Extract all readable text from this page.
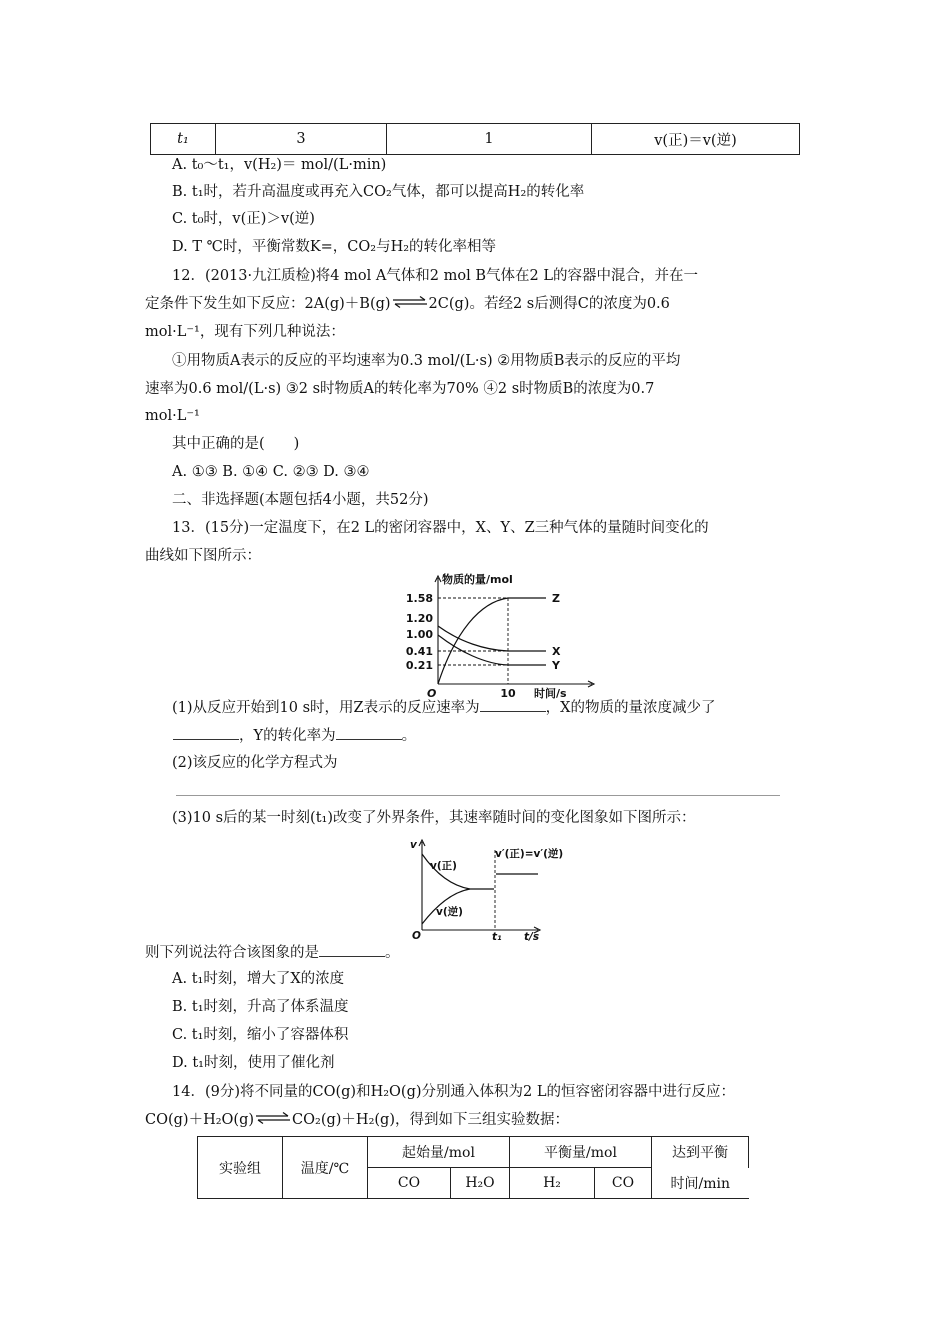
t₁	3	1	v(正)＝v(逆)
A. t₀～t₁，v(H₂)＝ mol/(L·min)
B. t₁时，若升高温度或再充入CO₂气体，都可以提高H₂的转化率
C. t₀时，v(正)＞v(逆)
D. T ℃时，平衡常数K=，CO₂与H₂的转化率相等
12．(2013·九江质检)将4 mol A气体和2 mol B气体在2 L的容器中混合，并在一
定条件下发生如下反应：2A(g)＋B(g)⇌2C(g)。若经2 s后测得C的浓度为0.6
mol·L⁻¹，现有下列几种说法：
①用物质A表示的反应的平均速率为0.3 mol/(L·s) ②用物质B表示的反应的平均
速率为0.6 mol/(L·s) ③2 s时物质A的转化率为70% ④2 s时物质B的浓度为0.7
mol·L⁻¹
其中正确的是(　　)
A. ①③ B. ①④ C. ②③ D. ③④
二、非选择题(本题包括4小题，共52分)
13．(15分)一定温度下，在2 L的密闭容器中，X、Y、Z三种气体的量随时间变化的
曲线如下图所示：
物质的量/mol
1.58
1.20
1.00
0.41
0.21
Z
X
Y
O	10 时间/s
(1)从反应开始到10 s时，用Z表示的反应速率为	，X的物质的量浓度减少了
，Y的转化率为	。
(2)该反应的化学方程式为
(3)10 s后的某一时刻(t₁)改变了外界条件，其速率随时间的变化图象如下图所示：
v
v(正)
v(逆)
v′(正)=v′(逆)
O	t₁ t/s
则下列说法符合该图象的是	。
A. t₁时刻，增大了X的浓度
B. t₁时刻，升高了体系温度
C. t₁时刻，缩小了容器体积
D. t₁时刻，使用了催化剂
14．(9分)将不同量的CO(g)和H₂O(g)分别通入体积为2 L的恒容密闭容器中进行反应：
CO(g)＋H₂O(g)⇌CO₂(g)＋H₂(g)，得到如下三组实验数据：
实验组	温度/℃	起始量/mol		平衡量/mol		达到平衡
		CO	H₂O	H₂	CO	时间/min
